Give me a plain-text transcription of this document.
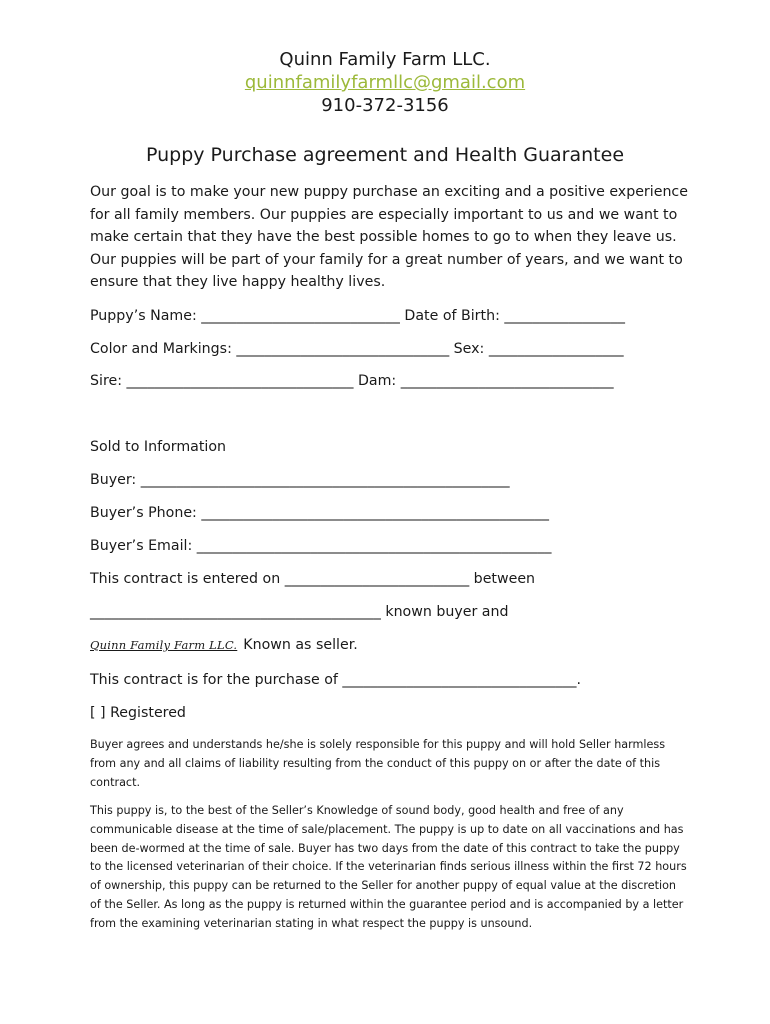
Quinn Family Farm LLC.
quinnfamilyfarmllc@gmail.com
910-372-3156
Puppy Purchase agreement and Health Guarantee
Our goal is to make your new puppy purchase an exciting and a positive experience for all family members. Our puppies are especially important to us and we want to make certain that they have the best possible homes to go to when they leave us. Our puppies will be part of your family for a great number of years, and we want to ensure that they live happy healthy lives.
Puppy’s Name: ____________________________ Date of Birth: _________________
Color and Markings: ______________________________ Sex: ___________________
Sire: ________________________________ Dam: ______________________________
Sold to Information
Buyer: ____________________________________________________
Buyer’s Phone: _________________________________________________
Buyer’s Email: __________________________________________________
This contract is entered on __________________________ between
_________________________________________ known buyer and
Quinn Family Farm LLC. Known as seller.
This contract is for the purchase of _________________________________.
[ ] Registered

Buyer agrees and understands he/she is solely responsible for this puppy and will hold Seller harmless from any and all claims of liability resulting from the conduct of this puppy on or after the date of this contract.

This puppy is, to the best of the Seller’s Knowledge of sound body, good health and free of any communicable disease at the time of sale/placement. The puppy is up to date on all vaccinations and has been de-wormed at the time of sale. Buyer has two days from the date of this contract to take the puppy to the licensed veterinarian of their choice. If the veterinarian finds serious illness within the first 72 hours of ownership, this puppy can be returned to the Seller for another puppy of equal value at the discretion of the Seller. As long as the puppy is returned within the guarantee period and is accompanied by a letter from the examining veterinarian stating in what respect the puppy is unsound.
